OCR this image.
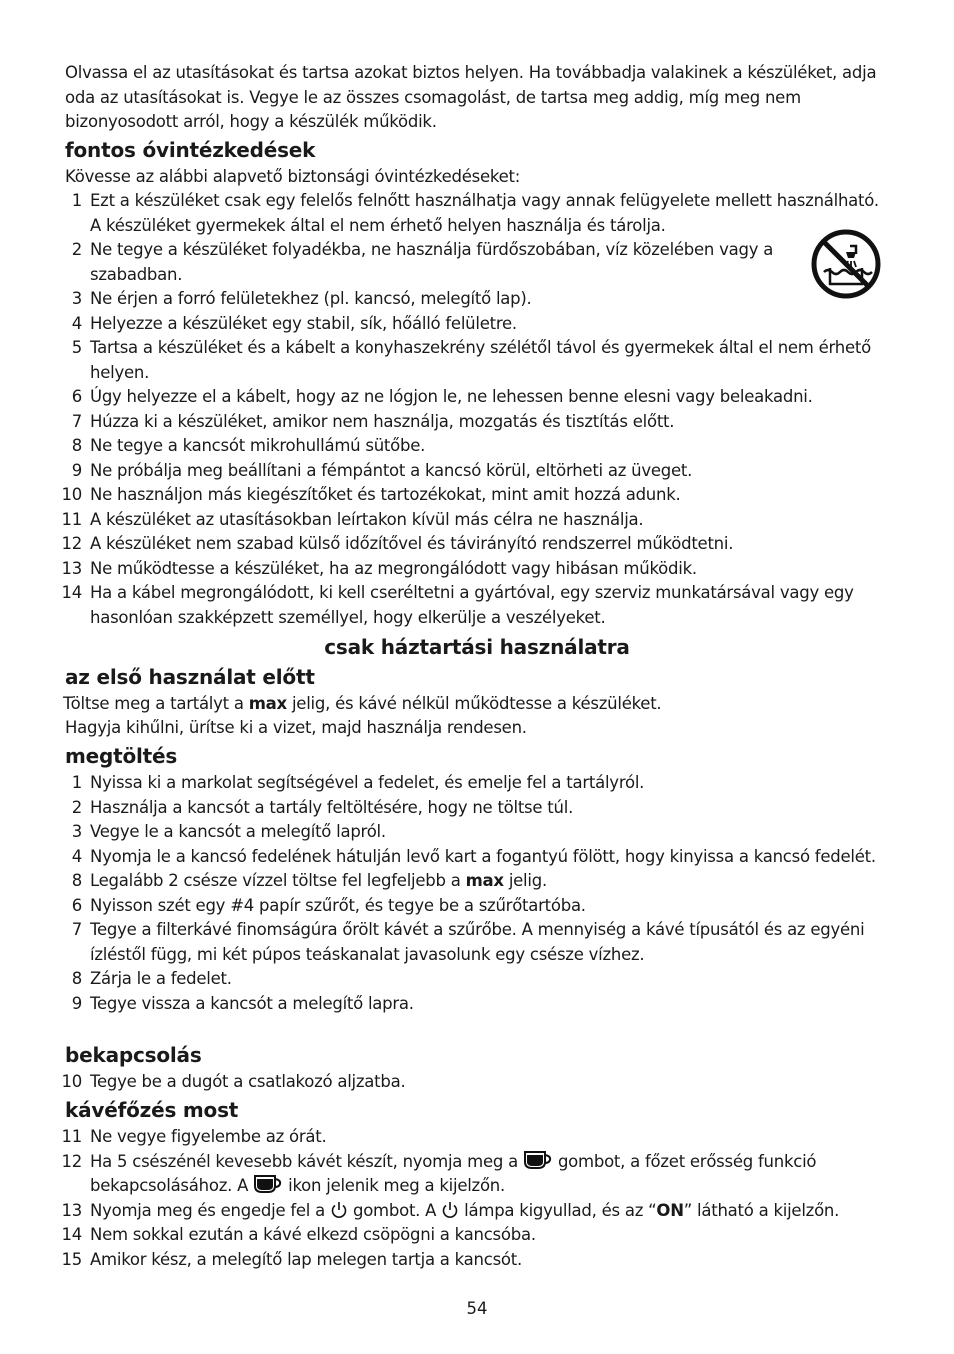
Olvassa el az utasításokat és tartsa azokat biztos helyen. Ha továbbadja valakinek a készüléket, adja oda az utasításokat is. Vegye le az összes csomagolást, de tartsa meg addig, míg meg nem bizonyosodott arról, hogy a készülék működik.
fontos óvintézkedések
Kövesse az alábbi alapvető biztonsági óvintézkedéseket:
1 Ezt a készüléket csak egy felelős felnőtt használhatja vagy annak felügyelete mellett használható. A készüléket gyermekek által el nem érhető helyen használja és tárolja.
2 Ne tegye a készüléket folyadékba, ne használja fürdőszobában, víz közelében vagy a szabadban.
3 Ne érjen a forró felületekhez (pl. kancsó, melegítő lap).
4 Helyezze a készüléket egy stabil, sík, hőálló felületre.
5 Tartsa a készüléket és a kábelt a konyhaszekrény szélétől távol és gyermekek által el nem érhető helyen.
6 Úgy helyezze el a kábelt, hogy az ne lógjon le, ne lehessen benne elesni vagy beleakadni.
7 Húzza ki a készüléket, amikor nem használja, mozgatás és tisztítás előtt.
8 Ne tegye a kancsót mikrohullámú sütőbe.
9 Ne próbálja meg beállítani a fémpántot a kancsó körül, eltörheti az üveget.
10 Ne használjon más kiegészítőket és tartozékokat, mint amit hozzá adunk.
11 A készüléket az utasításokban leírtakon kívül más célra ne használja.
12 A készüléket nem szabad külső időzítővel és távirányító rendszerrel működtetni.
13 Ne működtesse a készüléket, ha az megrongálódott vagy hibásan működik.
14 Ha a kábel megrongálódott, ki kell cseréltetni a gyártóval, egy szerviz munkatársával vagy egy hasonlóan szakképzett személlyel, hogy elkerülje a veszélyeket.
csak háztartási használatra
az első használat előtt
Töltse meg a tartályt a max jelig, és kávé nélkül működtesse a készüléket.
Hagyja kihűlni, ürítse ki a vizet, majd használja rendesen.
megtöltés
1 Nyissa ki a markolat segítségével a fedelet, és emelje fel a tartályról.
2 Használja a kancsót a tartály feltöltésére, hogy ne töltse túl.
3 Vegye le a kancsót a melegítő lapról.
4 Nyomja le a kancsó fedelének hátulján levő kart a fogantyú fölött, hogy kinyissa a kancsó fedelét.
8 Legalább 2 csésze vízzel töltse fel legfeljebb a max jelig.
6 Nyisson szét egy #4 papír szűrőt, és tegye be a szűrőtartóba.
7 Tegye a filterkávé finomságúra őrölt kávét a szűrőbe. A mennyiség a kávé típusától és az egyéni ízléstől függ, mi két púpos teáskanalat javasolunk egy csésze vízhez.
8 Zárja le a fedelet.
9 Tegye vissza a kancsót a melegítő lapra.
bekapcsolás
10 Tegye be a dugót a csatlakozó aljzatba.
kávéfőzés most
11 Ne vegye figyelembe az órát.
12 Ha 5 csészénél kevesebb kávét készít, nyomja meg a  gombot, a főzet erősség funkció bekapcsolásához. A  ikon jelenik meg a kijelzőn.
13 Nyomja meg és engedje fel a  gombot. A  lámpa kigyullad, és az “ON” látható a kijelzőn.
14 Nem sokkal ezután a kávé elkezd csöpögni a kancsóba.
15 Amikor kész, a melegítő lap melegen tartja a kancsót.
54
